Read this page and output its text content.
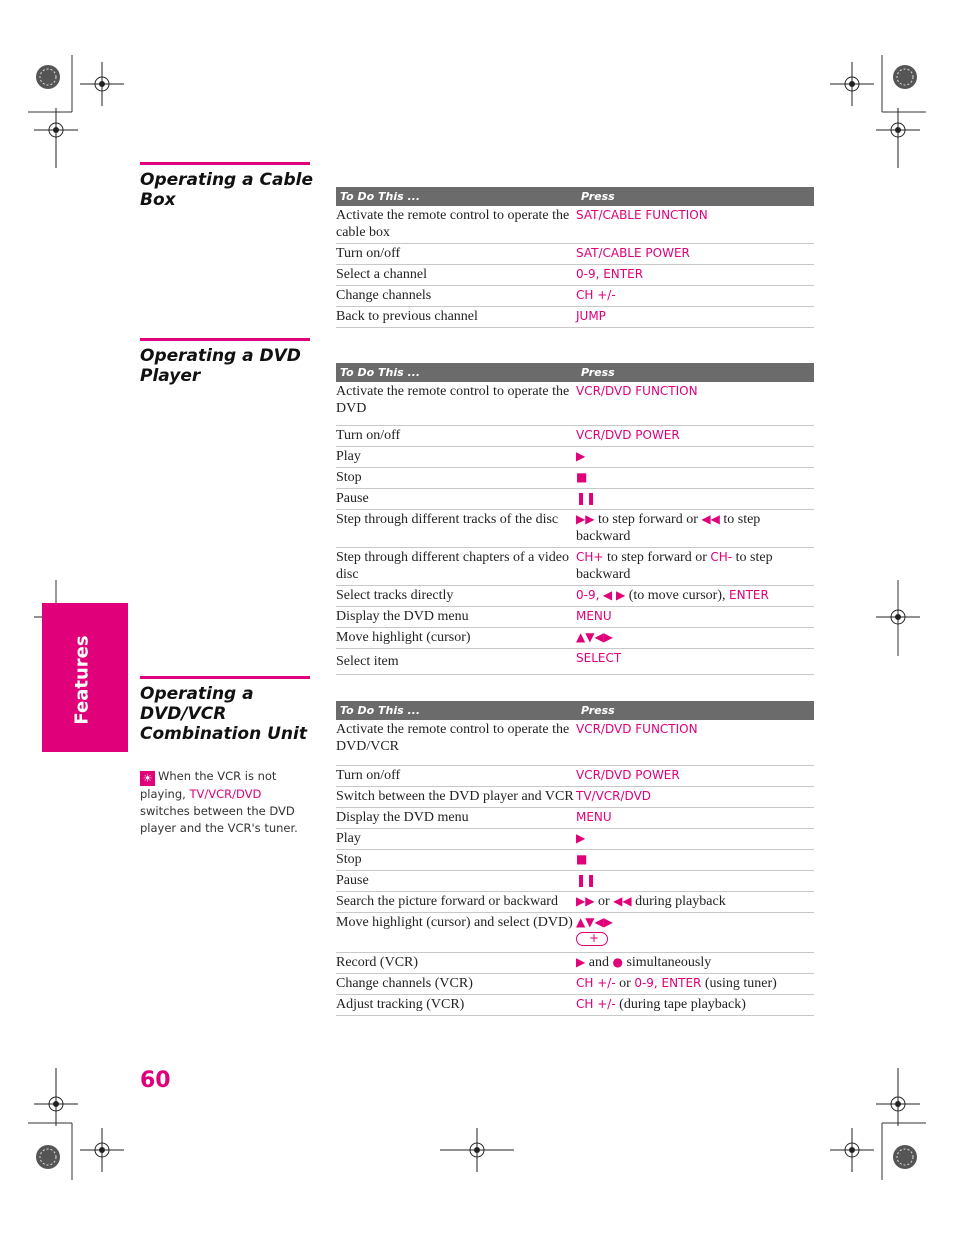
Features
Operating a Cable Box	To Do This ...	Press
Activate the remote control to operate the cable box	SAT/CABLE FUNCTION
Turn on/off	SAT/CABLE POWER
Select a channel	0-9, ENTER
Change channels	CH +/-
Back to previous channel	JUMP
Operating a DVD Player	To Do This ...	Press
Activate the remote control to operate the DVD	VCR/DVD FUNCTION
Turn on/off	VCR/DVD POWER
Play	▶
Stop	■
Pause	❚❚
Step through different tracks of the disc	▶▶ to step forward or ◀◀ to step backward
Step through different chapters of a video disc	CH+ to step forward or CH- to step backward
Select tracks directly	0-9, ◀ ▶ (to move cursor), ENTER
Display the DVD menu	MENU
Move highlight (cursor)	▲▼◀▶
Select item	SELECT
Operating a DVD/VCR Combination Unit
☀ When the VCR is not playing, TV/VCR/DVD switches between the DVD player and the VCR's tuner.
To Do This ...	Press
Activate the remote control to operate the DVD/VCR	VCR/DVD FUNCTION
Turn on/off	VCR/DVD POWER
Switch between the DVD player and VCR	TV/VCR/DVD
Display the DVD menu	MENU
Play	▶
Stop	■
Pause	❚❚
Search the picture forward or backward	▶▶ or ◀◀ during playback
Move highlight (cursor) and select (DVD)	▲▼◀▶
+

Record (VCR)	▶ and ● simultaneously
Change channels (VCR)	CH +/- or 0-9, ENTER (using tuner)
Adjust tracking (VCR)	CH +/- (during tape playback)
60
